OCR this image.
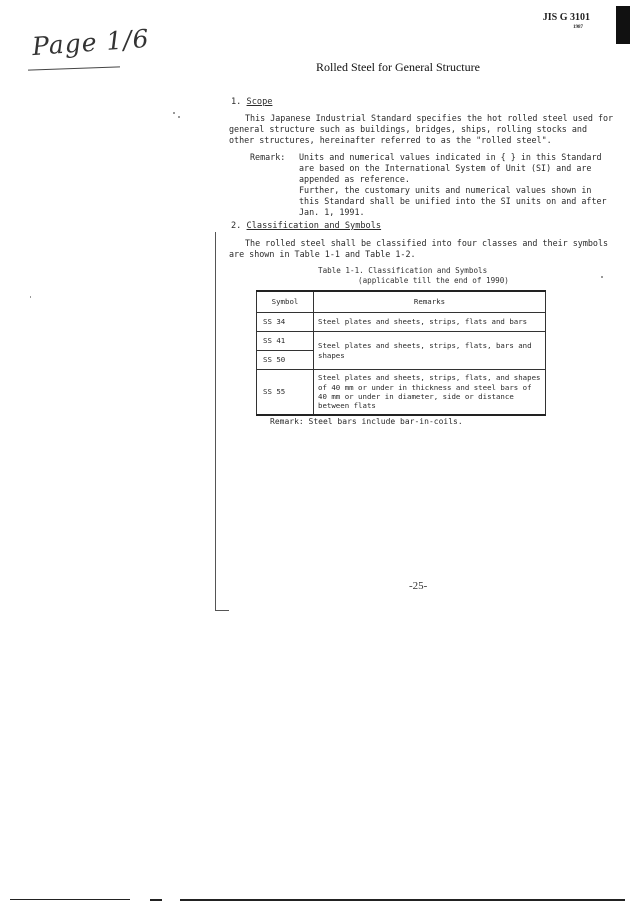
JIS G 3101
1987
Page 1/6
Rolled Steel for General Structure
1. Scope
This Japanese Industrial Standard specifies the hot rolled steel used for
general structure such as buildings, bridges, ships, rolling stocks and
other structures, hereinafter referred to as the "rolled steel".
Remark: Units and numerical values indicated in { } in this Standard
are based on the International System of Unit (SI) and are
appended as reference.
Further, the customary units and numerical values shown in
this Standard shall be unified into the SI units on and after
Jan. 1, 1991.
2. Classification and Symbols
The rolled steel shall be classified into four classes and their symbols
are shown in Table 1-1 and Table 1-2.
Table 1-1. Classification and Symbols
(applicable till the end of 1990)
Symbol	Remarks
SS 34	Steel plates and sheets, strips, flats and bars
SS 41	Steel plates and sheets, strips, flats, bars and
shapes

SS 50	
SS 55	Steel plates and sheets, strips, flats, and shapes
of 40 mm or under in thickness and steel bars of
40 mm or under in diameter, side or distance
between flats
Remark: Steel bars include bar-in-coils.
-25-
